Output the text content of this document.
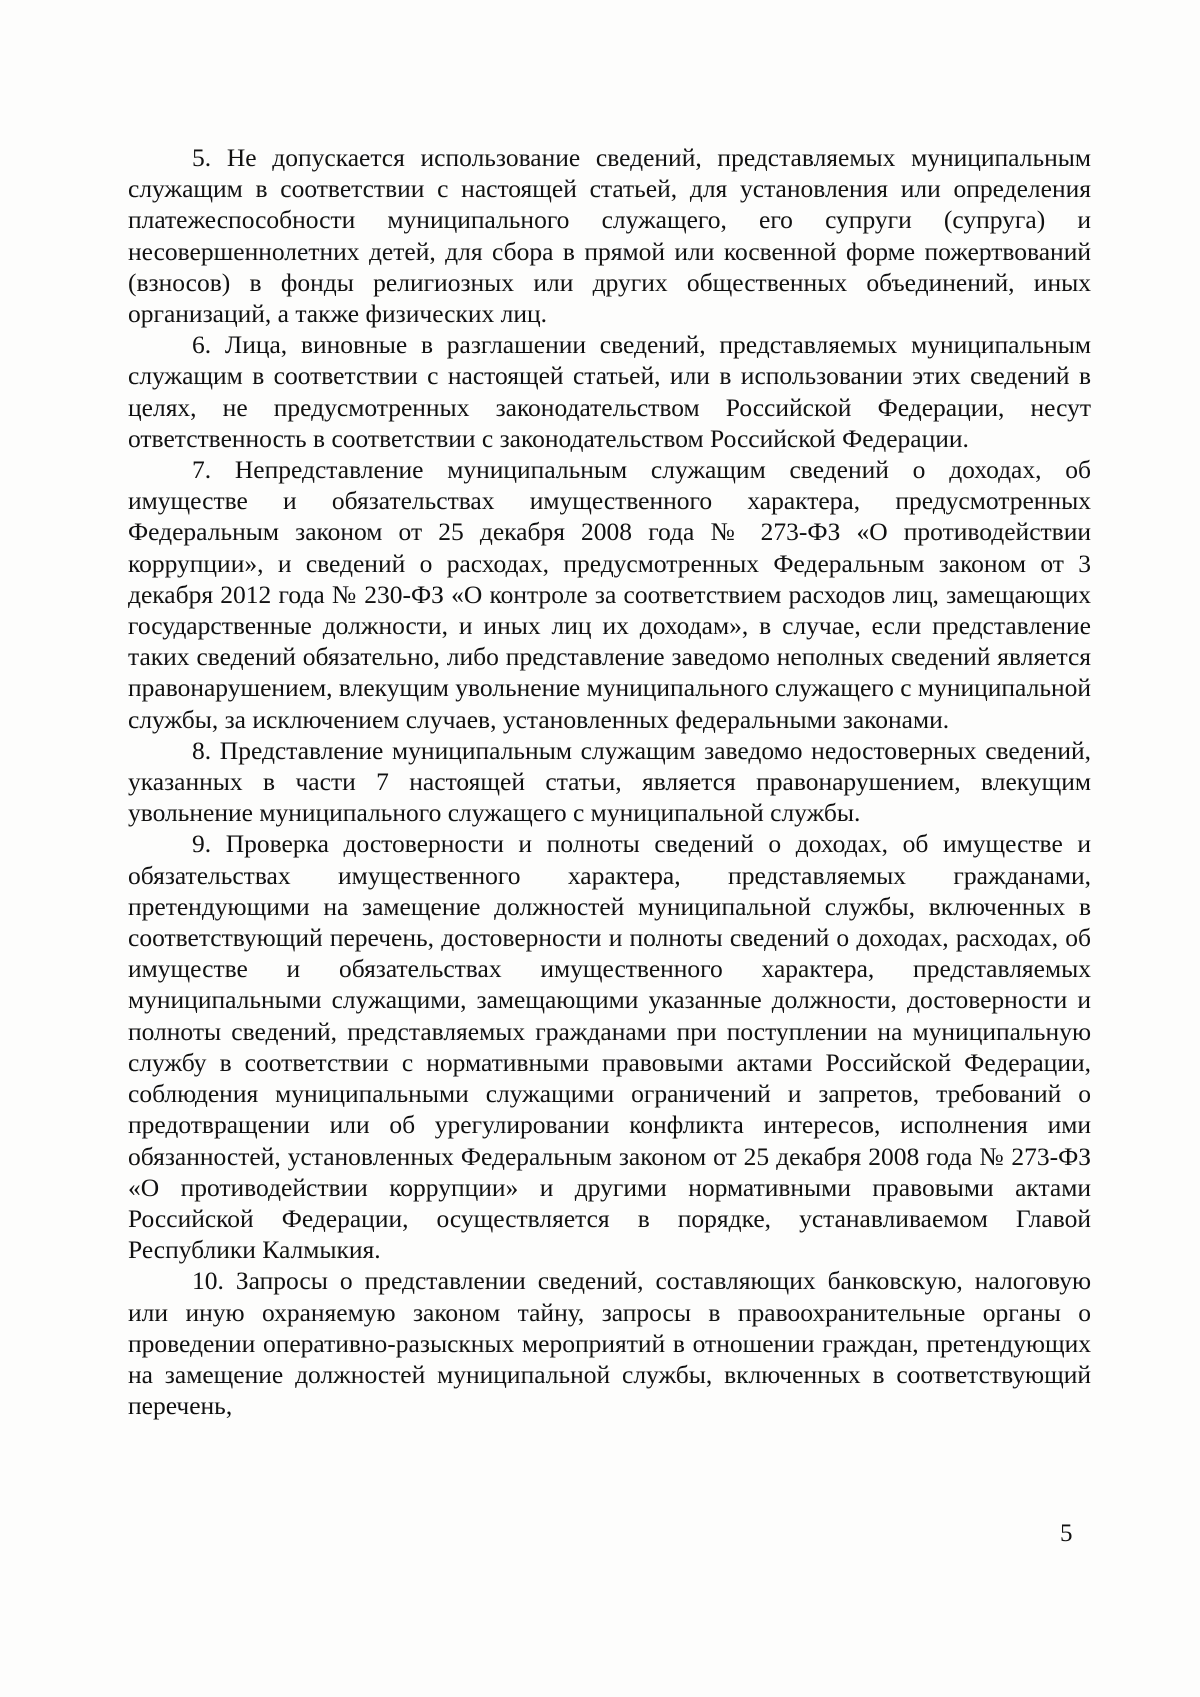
5. Не допускается использование сведений, представляемых муниципальным служащим в соответствии с настоящей статьей, для установления или определения платежеспособности муниципального служащего, его супруги (супруга) и несовершеннолетних детей, для сбора в прямой или косвенной форме пожертвований (взносов) в фонды религиозных или других общественных объединений, иных организаций, а также физических лиц.

6. Лица, виновные в разглашении сведений, представляемых муниципальным служащим в соответствии с настоящей статьей, или в использовании этих сведений в целях, не предусмотренных законодательством Российской Федерации, несут ответственность в соответствии с законодательством Российской Федерации.

7. Непредставление муниципальным служащим сведений о доходах, об имуществе и обязательствах имущественного характера, предусмотренных Федеральным законом от 25 декабря 2008 года № 273-ФЗ «О противодействии коррупции», и сведений о расходах, предусмотренных Федеральным законом от 3 декабря 2012 года № 230-ФЗ «О контроле за соответствием расходов лиц, замещающих государственные должности, и иных лиц их доходам», в случае, если представление таких сведений обязательно, либо представление заведомо неполных сведений является правонарушением, влекущим увольнение муниципального служащего с муниципальной службы, за исключением случаев, установленных федеральными законами.

8. Представление муниципальным служащим заведомо недостоверных сведений, указанных в части 7 настоящей статьи, является правонарушением, влекущим увольнение муниципального служащего с муниципальной службы.

9. Проверка достоверности и полноты сведений о доходах, об имуществе и обязательствах имущественного характера, представляемых гражданами, претендующими на замещение должностей муниципальной службы, включенных в соответствующий перечень, достоверности и полноты сведений о доходах, расходах, об имуществе и обязательствах имущественного характера, представляемых муниципальными служащими, замещающими указанные должности, достоверности и полноты сведений, представляемых гражданами при поступлении на муниципальную службу в соответствии с нормативными правовыми актами Российской Федерации, соблюдения муниципальными служащими ограничений и запретов, требований о предотвращении или об урегулировании конфликта интересов, исполнения ими обязанностей, установленных Федеральным законом от 25 декабря 2008 года № 273-ФЗ «О противодействии коррупции» и другими нормативными правовыми актами Российской Федерации, осуществляется в порядке, устанавливаемом Главой Республики Калмыкия.

10. Запросы о представлении сведений, составляющих банковскую, налоговую или иную охраняемую законом тайну, запросы в правоохранительные органы о проведении оперативно-разыскных мероприятий в отношении граждан, претендующих на замещение должностей муниципальной службы, включенных в соответствующий перечень,

5
